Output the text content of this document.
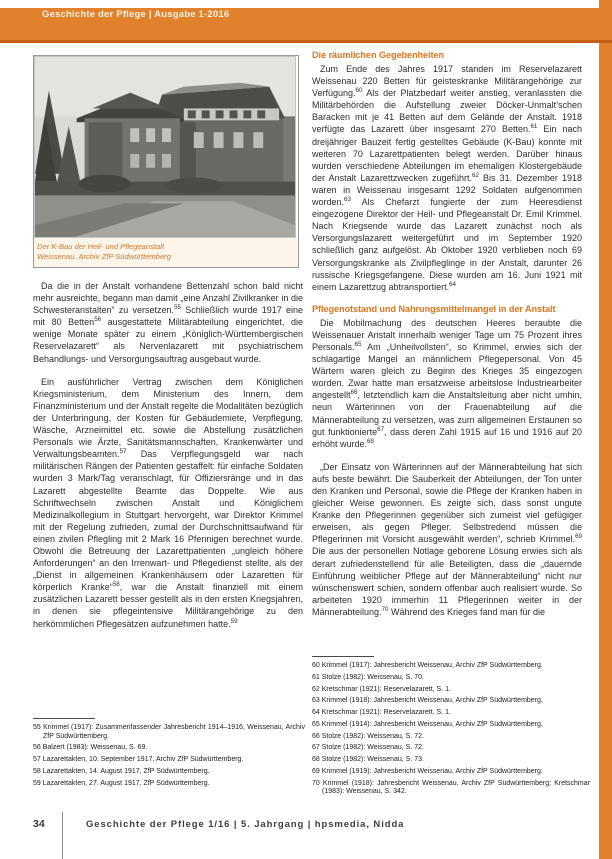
Geschichte der Pflege | Ausgabe 1-2016
Der K-Bau der Heil- und Pflegeanstalt
Weissenau. Archiv ZfP Südwürttemberg

Da die in der Anstalt vorhandene Bettenzahl schon bald nicht mehr ausreichte, begann man damit „eine Anzahl Zivilkranker in die Schwesteranstalten“ zu versetzen.$^{55}$ Schließlich wurde 1917 eine mit 80 Betten$^{56}$ ausgestattete Militärabteilung eingerichtet, die wenige Monate später zu einem „Königlich-Württembergischen Reservelazarett“ als Nervenlazarett mit psychiatrischem Behandlungs- und Versorgungsauftrag ausgebaut wurde.

Ein ausführlicher Vertrag zwischen dem Königlichen Kriegsministerium, dem Ministerium des Innern, dem Finanzministerium und der Anstalt regelte die Modalitäten bezüglich der Unterbringung, der Kosten für Gebäudemiete, Verpflegung, Wäsche, Arzneimittel etc. sowie die Abstellung zusätzlichen Personals wie Ärzte, Sanitätsmannschaften, Krankenwärter und Verwaltungsbeamten.$^{57}$ Das Verpflegungsgeld war nach militärischen Rängen der Patienten gestaffelt: für einfache Soldaten wurden 3 Mark/Tag veranschlagt, für Offiziersränge und in das Lazarett abgestellte Beamte das Doppelte. Wie aus Schriftwechseln zwischen Anstalt und Königlichem Medizinalkollegium in Stuttgart hervorgeht, war Direktor Krimmel mit der Regelung zufrieden, zumal der Durchschnittsaufwand für einen zivilen Pflegling mit 2 Mark 16 Pfennigen berechnet wurde. Obwohl die Betreuung der Lazarettpatienten „ungleich höhere Anforderungen“ an den Irrenwart- und Pflegedienst stellte, als der „Dienst in allgemeinen Krankenhäusern oder Lazaretten für körperlich Kranke“$^{58}$, war die Anstalt finanziell mit einem zusätzlichen Lazarett besser gestellt als in den ersten Kriegsjahren, in denen sie pflegeintensive Militärangehörige zu den herkömmlichen Pflegesätzen aufzunehmen hatte.$^{59}$

Die räumlichen Gegebenheiten

Zum Ende des Jahres 1917 standen im Reservelazarett Weissenau 220 Betten für geisteskranke Militärangehörige zur Verfügung.$^{60}$ Als der Platzbedarf weiter anstieg, veranlassten die Militärbehörden die Aufstellung zweier Döcker-Unmalt’schen Baracken mit je 41 Betten auf dem Gelände der Anstalt. 1918 verfügte das Lazarett über insgesamt 270 Betten.$^{61}$ Ein nach dreijähriger Bauzeit fertig gestelltes Gebäude (K-Bau) konnte mit weiteren 70 Lazarettpatienten belegt werden. Darüber hinaus wurden verschiedene Abteilungen im ehemaligen Klostergebäude der Anstalt Lazarettzwecken zugeführt.$^{62}$ Bis 31. Dezember 1918 waren in Weissenau insgesamt 1292 Soldaten aufgenommen worden.$^{63}$ Als Chefarzt fungierte der zum Heeresdienst eingezogene Direktor der Heil- und Pflegeanstalt Dr. Emil Krimmel. Nach Kriegsende wurde das Lazarett zunächst noch als Versorgungslazarett weitergeführt und im September 1920 schließlich ganz aufgelöst. Ab Oktober 1920 verblieben noch 69 Versorgungskranke als Zivilpfleglinge in der Anstalt, darunter 26 russische Kriegsgefangene. Diese wurden am 16. Juni 1921 mit einem Lazarettzug abtransportiert.$^{64}$

Pflegenotstand und Nahrungsmittelmangel in der Anstalt

Die Mobilmachung des deutschen Heeres beraubte die Weissenauer Anstalt innerhalb weniger Tage um 75 Prozent ihres Personals.$^{65}$ Am „Unheilvollsten“, so Krimmel, erwies sich der schlagartige Mangel an männlichem Pflegepersonal. Von 45 Wärtern waren gleich zu Beginn des Krieges 35 eingezogen worden. Zwar hatte man ersatzweise arbeitslose Industriearbeiter angestellt$^{66}$, letztendlich kam die Anstaltsleitung aber nicht umhin, neun Wärterinnen von der Frauenabteilung auf die Männerabteilung zu versetzen, was zum allgemeinen Erstaunen so gut funktionierte$^{67}$, dass deren Zahl 1915 auf 16 und 1916 auf 20 erhöht wurde.$^{68}$

„Der Einsatz von Wärterinnen auf der Männerabteilung hat sich aufs beste bewährt. Die Sauberkeit der Abteilungen, der Ton unter den Kranken und Personal, sowie die Pflege der Kranken haben in gleicher Weise gewonnen. Es zeigte sich, dass sonst ungute Kranke den Pflegerinnen gegenüber sich zumeist viel gefügiger erweisen, als gegen Pfleger. Selbstredend müssen die Pflegerinnen mit Vorsicht ausgewählt werden“, schrieb Krimmel.$^{69}$ Die aus der personellen Notlage geborene Lösung erwies sich als derart zufriedenstellend für alle Beteiligten, dass die „dauernde Einführung weiblicher Pflege auf der Männerabteilung“ nicht nur wünschenswert schien, sondern offenbar auch realisiert wurde. So arbeiteten 1920 immerhin 11 Pflegerinnen weiter in der Männerabteilung.$^{70}$ Während des Krieges fand man für die

55 Krimmel (1917): Zusammenfassender Jahresbericht 1914–1916, Weissenau, Archiv ZfP Südwürttemberg.
56 Balzert (1983): Weissenau, S. 69.
57 Lazarettakten, 10. September 1917, Archiv ZfP Südwürttemberg.
58 Lazarettakten, 14. August 1917, ZfP Südwürttemberg.
59 Lazarettakten, 27. August 1917, ZfP Südwürttemberg.
60 Krimmel (1917): Jahresbericht Weissenau, Archiv ZfP Südwürttemberg.
61 Stolze (1982): Weissenau, S. 70.
62 Kretschmar (1921): Reservelazarett, S. 1.
63 Krimmel (1918): Jahresbericht Weissenau, Archiv ZfP Südwürttemberg.
64 Kretschmar (1921): Reservelazarett, S. 1.
65 Krimmel (1914): Jahresbericht Weissenau, Archiv ZfP Südwürttemberg.
66 Stolze (1982): Weissenau, S. 72.
67 Stolze (1982): Weissenau, S. 72.
68 Stolze (1982): Weissenau, S. 73.
69 Krimmel (1919): Jahresbericht Weissenau, Archiv ZfP Südwürttemberg.
70 Krimmel (1918): Jahresbericht Weissenau, Archiv ZfP Südwürttemberg; Kretschmar (1983): Weissenau, S. 342.
34	Geschichte der Pflege 1/16 | 5. Jahrgang | hpsmedia, Nidda
